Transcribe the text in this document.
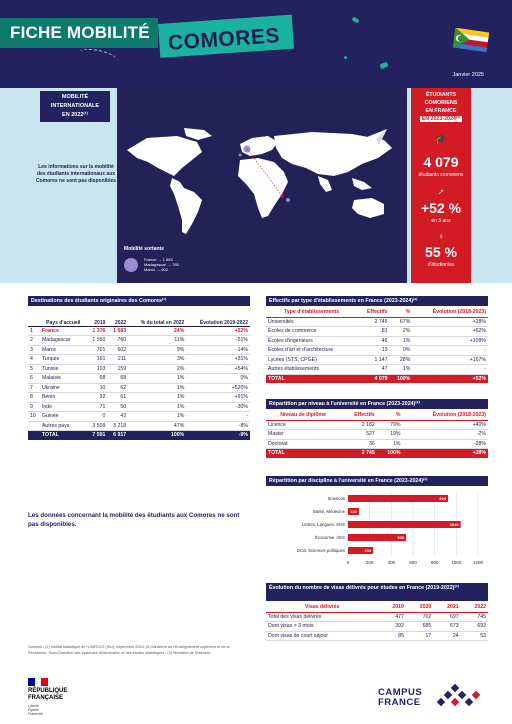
FICHE MOBILITÉ COMORES
Janvier 2025
MOBILITÉ
INTERNATIONALE
EN 2022⁽¹⁾
Les informations sur la mobilité des étudiants internationaux aux Comores ne sont pas disponibles
Mobilité sortante
France → 1 683
Madagascar → 760
Maroc → 602
ÉTUDIANTS
COMORIENS
EN FRANCE
EN 2023-2024⁽²⁾
🎓
4 079
étudiants comoriens
↗
+52 %
en 5 ans
♀
55 %
d'étudiantes
Destinations des étudiants originaires des Comores⁽¹⁾
	Pays d'accueil	2019	2022	% du total en 2022	Évolution 2019-2022
1	France	1 376	1 683	24%	+22%
2	Madagascar	1 560	760	11%	-51%
3	Maroc	701	602	9%	-14%
4	Turquie	161	211	3%	+31%
5	Tunisie	103	159	2%	+54%
6	Malaisie	68	68	1%	0%
7	Ukraine	10	62	1%	+520%
8	Bénin	32	61	1%	+91%
9	Inde	71	50	1%	-30%
10	Guinée	0	43	1%	-
	Autres pays	3 509	3 218	47%	-8%
	TOTAL	7 591	6 917	100%	-9%
Les données concernant la mobilité des étudiants aux Comores ne sont pas disponibles.
Sources : (1) Institut statistique de l'UNESCO (ISU), septembre 2024; (2) Ministère de l'Enseignement supérieur et de la Recherche, Sous-Direction des systèmes d'information et des études statistiques ; (3) Ministère de l'Intérieur.
Effectifs par type d'établissements en France (2023-2024)⁽²⁾
Type d'établissements	Effectifs	%	Évolution (2018-2023)
Universités	2 745	67%	+28%
Écoles de commerce	81	2%	+62%
Écoles d'ingénieurs	46	1%	+109%
Écoles d'art et d'architecture	13	0%	-
Lycées (STS, CPGE)	1 147	28%	+167%
Autres établissements	47	1%	-
TOTAL	4 079	100%	+52%
Répartition par niveau à l'université en France (2023-2024)⁽²⁾
Niveau de diplôme	Effectifs	%	Évolution (2018-2023)
Licence	2 182	79%	+40%
Master	527	19%	-2%
Doctorat	36	1%	-28%
TOTAL	2 745	100%	+28%
Répartition par discipline à l'université en France (2023-2024)⁽²⁾
0	200	400	600	800	1000	1200
Sciences	924
Santé, Médecine 102
Lettres, Langues, SHS	1040
Économie, AES	536
Droit, Sciences politiques	233
Évolution du nombre de visas délivrés pour études en France (2019-2022)⁽³⁾
Visas délivrés	2019	2020	2021	2022
Total des visas délivrés	477	702	697	745
Dont visas > 3 mois	392	685	673	692
Dont visas de court séjour	85	17	24	53
RÉPUBLIQUE
FRANÇAISE
Liberté
Égalité
Fraternité
CAMPUS
FRANCE
